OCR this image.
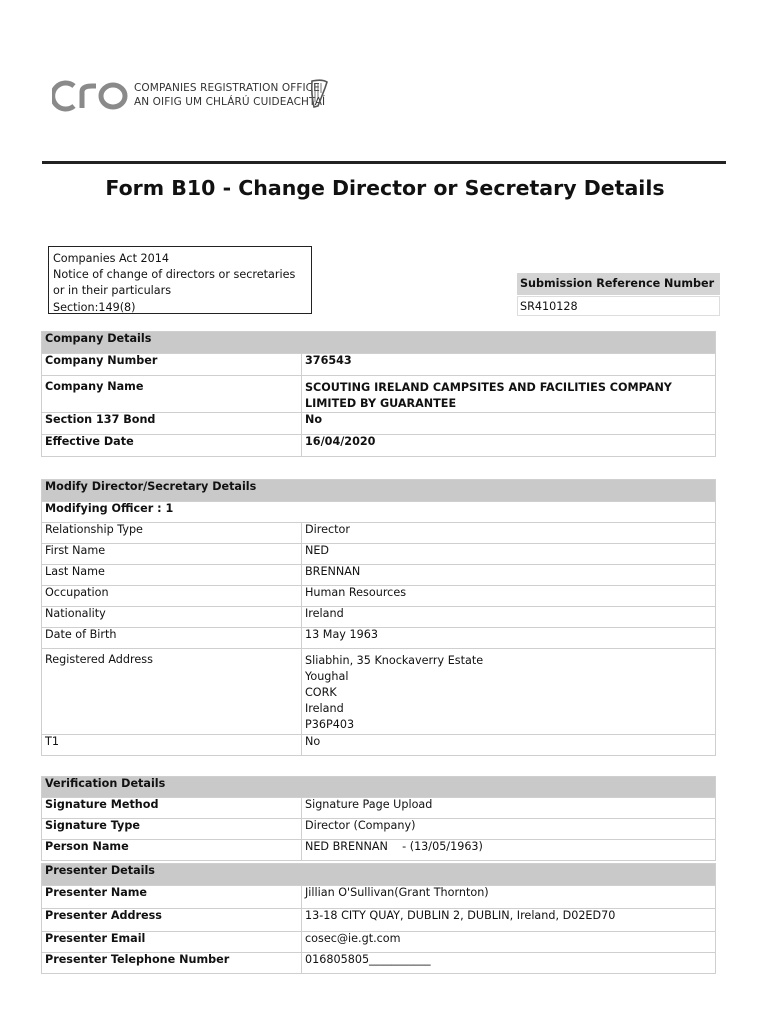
COMPANIES REGISTRATION OFFICE
AN OIFIG UM CHLÁRÚ CUIDEACHTAÍ
Form B10 - Change Director or Secretary Details
Companies Act 2014
Notice of change of directors or secretaries
or in their particulars
Section:149(8)
Submission Reference Number
SR410128
Company Details	
Company Number	376543
Company Name	SCOUTING IRELAND CAMPSITES AND FACILITIES COMPANY LIMITED BY GUARANTEE
Section 137 Bond	No
Effective Date	16/04/2020
Modify Director/Secretary Details	
Modifying Officer : 1	
Relationship Type	Director
First Name	NED
Last Name	BRENNAN
Occupation	Human Resources
Nationality	Ireland
Date of Birth	13 May 1963
Registered Address	Sliabhin, 35 Knockaverry Estate
Youghal
CORK
Ireland
P36P403

T1	No
Verification Details	
Signature Method	Signature Page Upload
Signature Type	Director (Company)
Person Name	NED BRENNAN    - (13/05/1963)
Presenter Details	
Presenter Name	Jillian O'Sullivan(Grant Thornton)
Presenter Address	13-18 CITY QUAY, DUBLIN 2, DUBLIN, Ireland, D02ED70
Presenter Email	cosec@ie.gt.com
Presenter Telephone Number	016805805___________
